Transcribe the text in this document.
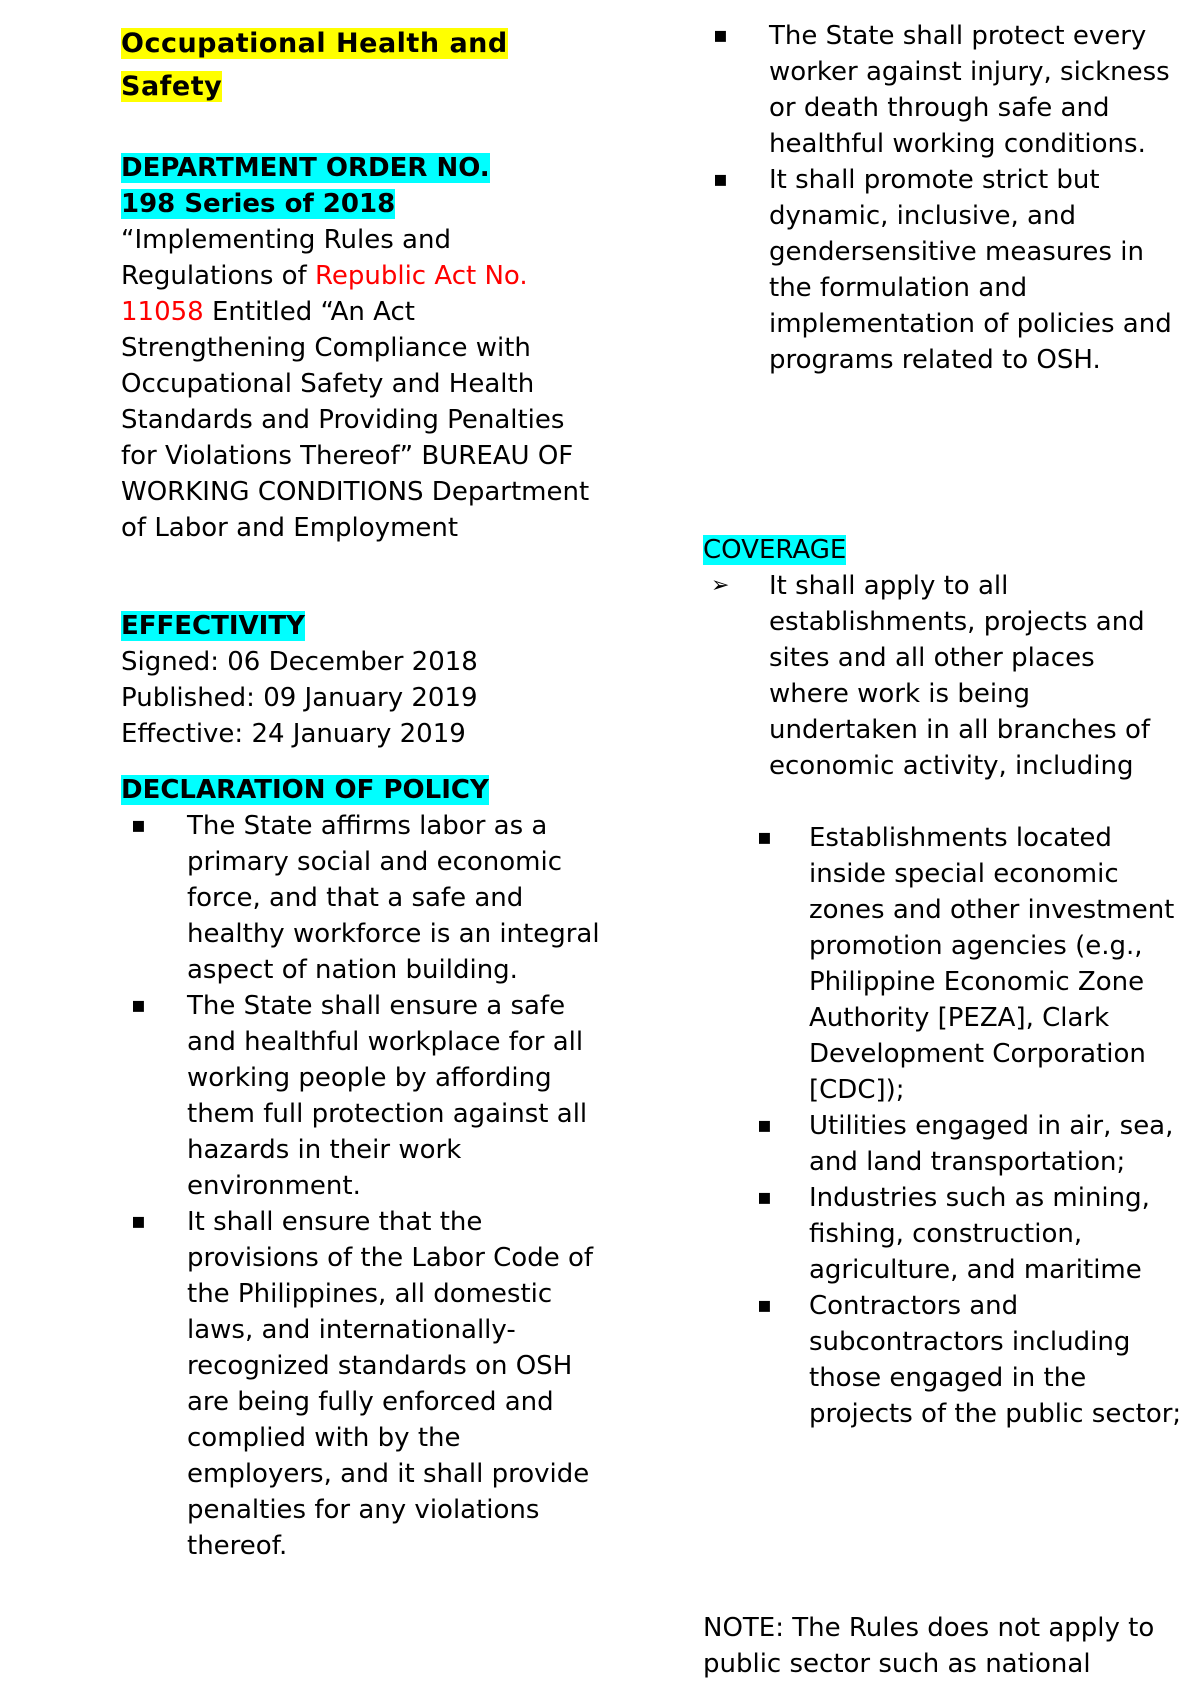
Occupational Health and
Safety
DEPARTMENT ORDER NO.
198 Series of 2018
“Implementing Rules and Regulations of Republic Act No. 11058 Entitled “An Act Strengthening Compliance with Occupational Safety and Health Standards and Providing Penalties for Violations Thereof” BUREAU OF WORKING CONDITIONS Department of Labor and Employment
EFFECTIVITY
Signed: 06 December 2018
Published: 09 January 2019
Effective: 24 January 2019
DECLARATION OF POLICY
▪ The State affirms labor as a primary social and economic force, and that a safe and healthy workforce is an integral aspect of nation building.
▪ The State shall ensure a safe and healthful workplace for all working people by affording them full protection against all hazards in their work environment.
▪ It shall ensure that the provisions of the Labor Code of the Philippines, all domestic laws, and internationally-recognized standards on OSH are being fully enforced and complied with by the employers, and it shall provide penalties for any violations thereof.
▪ The State shall protect every worker against injury, sickness or death through safe and healthful working conditions.
▪ It shall promote strict but dynamic, inclusive, and gendersensitive measures in the formulation and implementation of policies and programs related to OSH.
COVERAGE
➢ It shall apply to all establishments, projects and sites and all other places where work is being undertaken in all branches of economic activity, including
▪ Establishments located inside special economic zones and other investment promotion agencies (e.g., Philippine Economic Zone Authority [PEZA], Clark Development Corporation [CDC]);
▪ Utilities engaged in air, sea, and land transportation;
▪ Industries such as mining, fishing, construction, agriculture, and maritime
▪ Contractors and subcontractors including those engaged in the projects of the public sector;
NOTE: The Rules does not apply to public sector such as national
